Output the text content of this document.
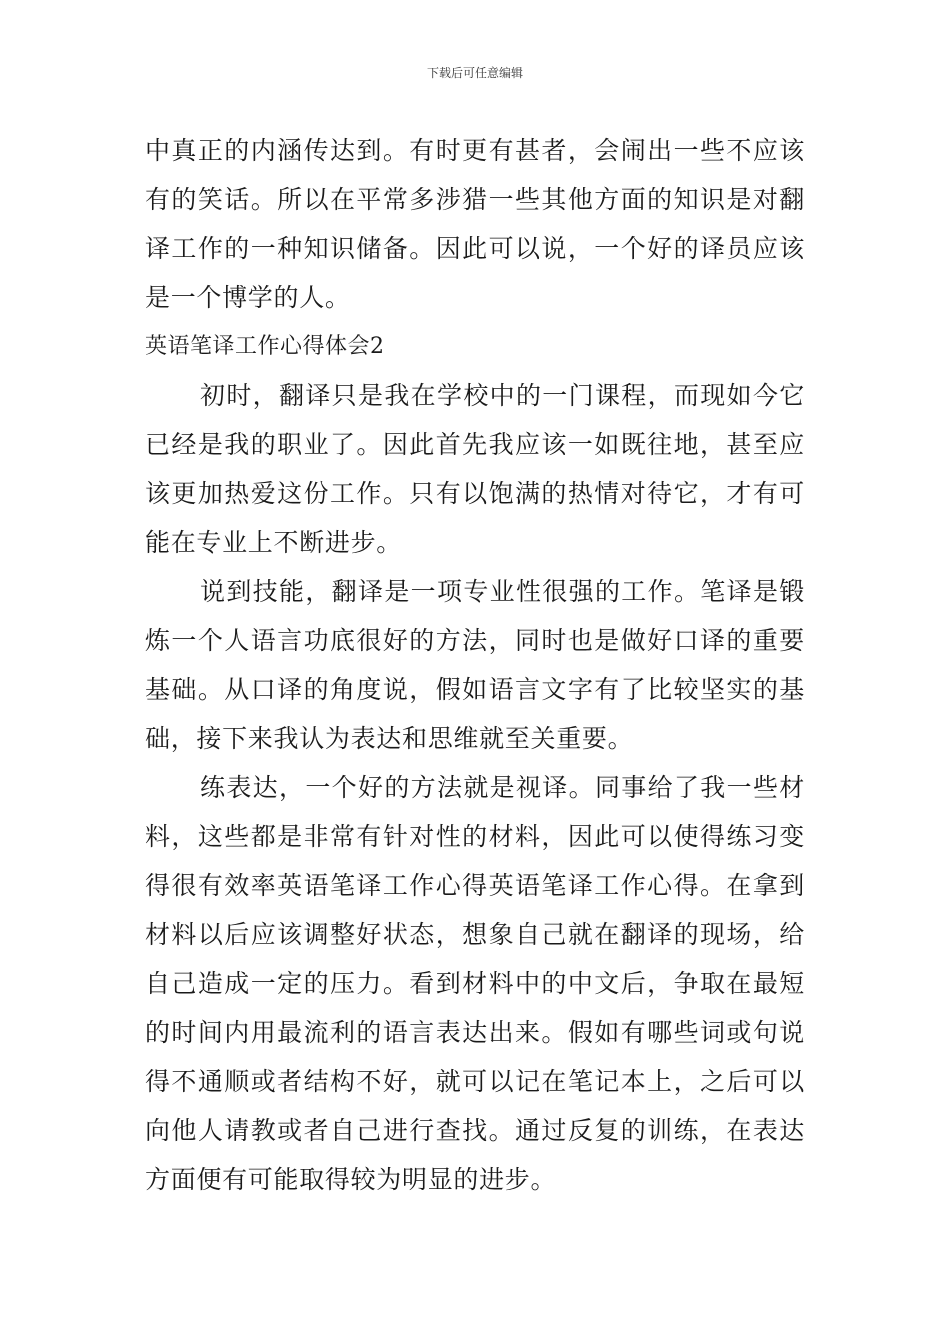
下载后可任意编辑

中真正的内涵传达到。有时更有甚者，会闹出一些不应该有的笑话。所以在平常多涉猎一些其他方面的知识是对翻译工作的一种知识储备。因此可以说，一个好的译员应该是一个博学的人。

英语笔译工作心得体会2

初时，翻译只是我在学校中的一门课程，而现如今它已经是我的职业了。因此首先我应该一如既往地，甚至应该更加热爱这份工作。只有以饱满的热情对待它，才有可能在专业上不断进步。

说到技能，翻译是一项专业性很强的工作。笔译是锻炼一个人语言功底很好的方法，同时也是做好口译的重要基础。从口译的角度说，假如语言文字有了比较坚实的基础，接下来我认为表达和思维就至关重要。

练表达，一个好的方法就是视译。同事给了我一些材料，这些都是非常有针对性的材料，因此可以使得练习变得很有效率英语笔译工作心得英语笔译工作心得。在拿到材料以后应该调整好状态，想象自己就在翻译的现场，给自己造成一定的压力。看到材料中的中文后，争取在最短的时间内用最流利的语言表达出来。假如有哪些词或句说得不通顺或者结构不好，就可以记在笔记本上，之后可以向他人请教或者自己进行查找。通过反复的训练，在表达方面便有可能取得较为明显的进步。
